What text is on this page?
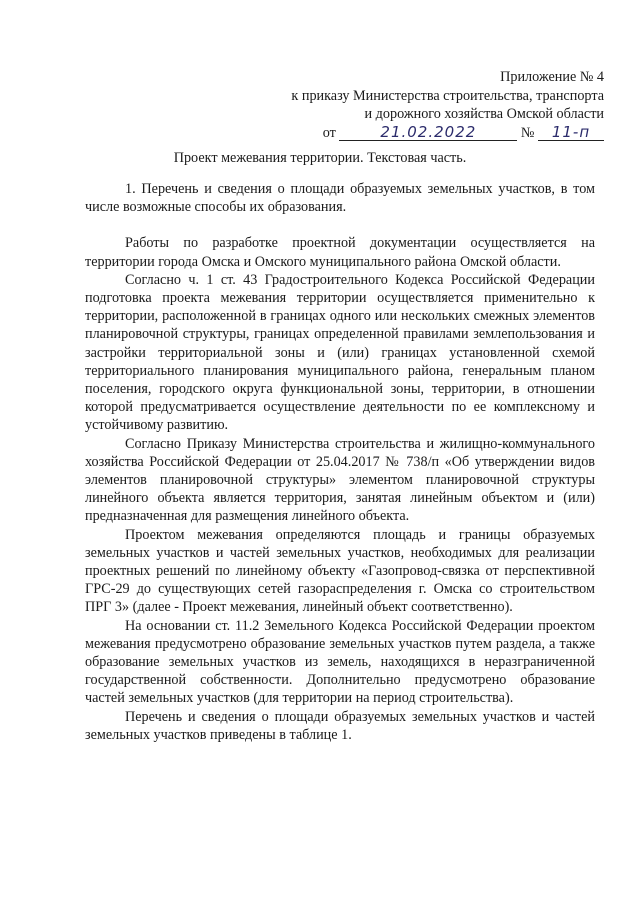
Приложение № 4
к приказу Министерства строительства, транспорта
и дорожного хозяйства Омской области
от	21.02.2022	№ 11-п
Проект межевания территории. Текстовая часть.

1. Перечень и сведения о площади образуемых земельных участков, в том числе возможные способы их образования.

Работы по разработке проектной документации осуществляется на территории города Омска и Омского муниципального района Омской области.

Согласно ч. 1 ст. 43 Градостроительного Кодекса Российской Федерации подготовка проекта межевания территории осуществляется применительно к территории, расположенной в границах одного или нескольких смежных элементов планировочной структуры, границах определенной правилами землепользования и застройки территориальной зоны и (или) границах установленной схемой территориального планирования муниципального района, генеральным планом поселения, городского округа функциональной зоны, территории, в отношении которой предусматривается осуществление деятельности по ее комплексному и устойчивому развитию.

Согласно Приказу Министерства строительства и жилищно-коммунального хозяйства Российской Федерации от 25.04.2017 № 738/п «Об утверждении видов элементов планировочной структуры» элементом планировочной структуры линейного объекта является территория, занятая линейным объектом и (или) предназначенная для размещения линейного объекта.

Проектом межевания определяются площадь и границы образуемых земельных участков и частей земельных участков, необходимых для реализации проектных решений по линейному объекту «Газопровод-связка от перспективной ГРС-29 до существующих сетей газораспределения г. Омска со строительством ПРГ 3» (далее - Проект межевания, линейный объект соответственно).

На основании ст. 11.2 Земельного Кодекса Российской Федерации проектом межевания предусмотрено образование земельных участков путем раздела, а также образование земельных участков из земель, находящихся в неразграниченной государственной собственности. Дополнительно предусмотрено образование частей земельных участков (для территории на период строительства).

Перечень и сведения о площади образуемых земельных участков и частей земельных участков приведены в таблице 1.
